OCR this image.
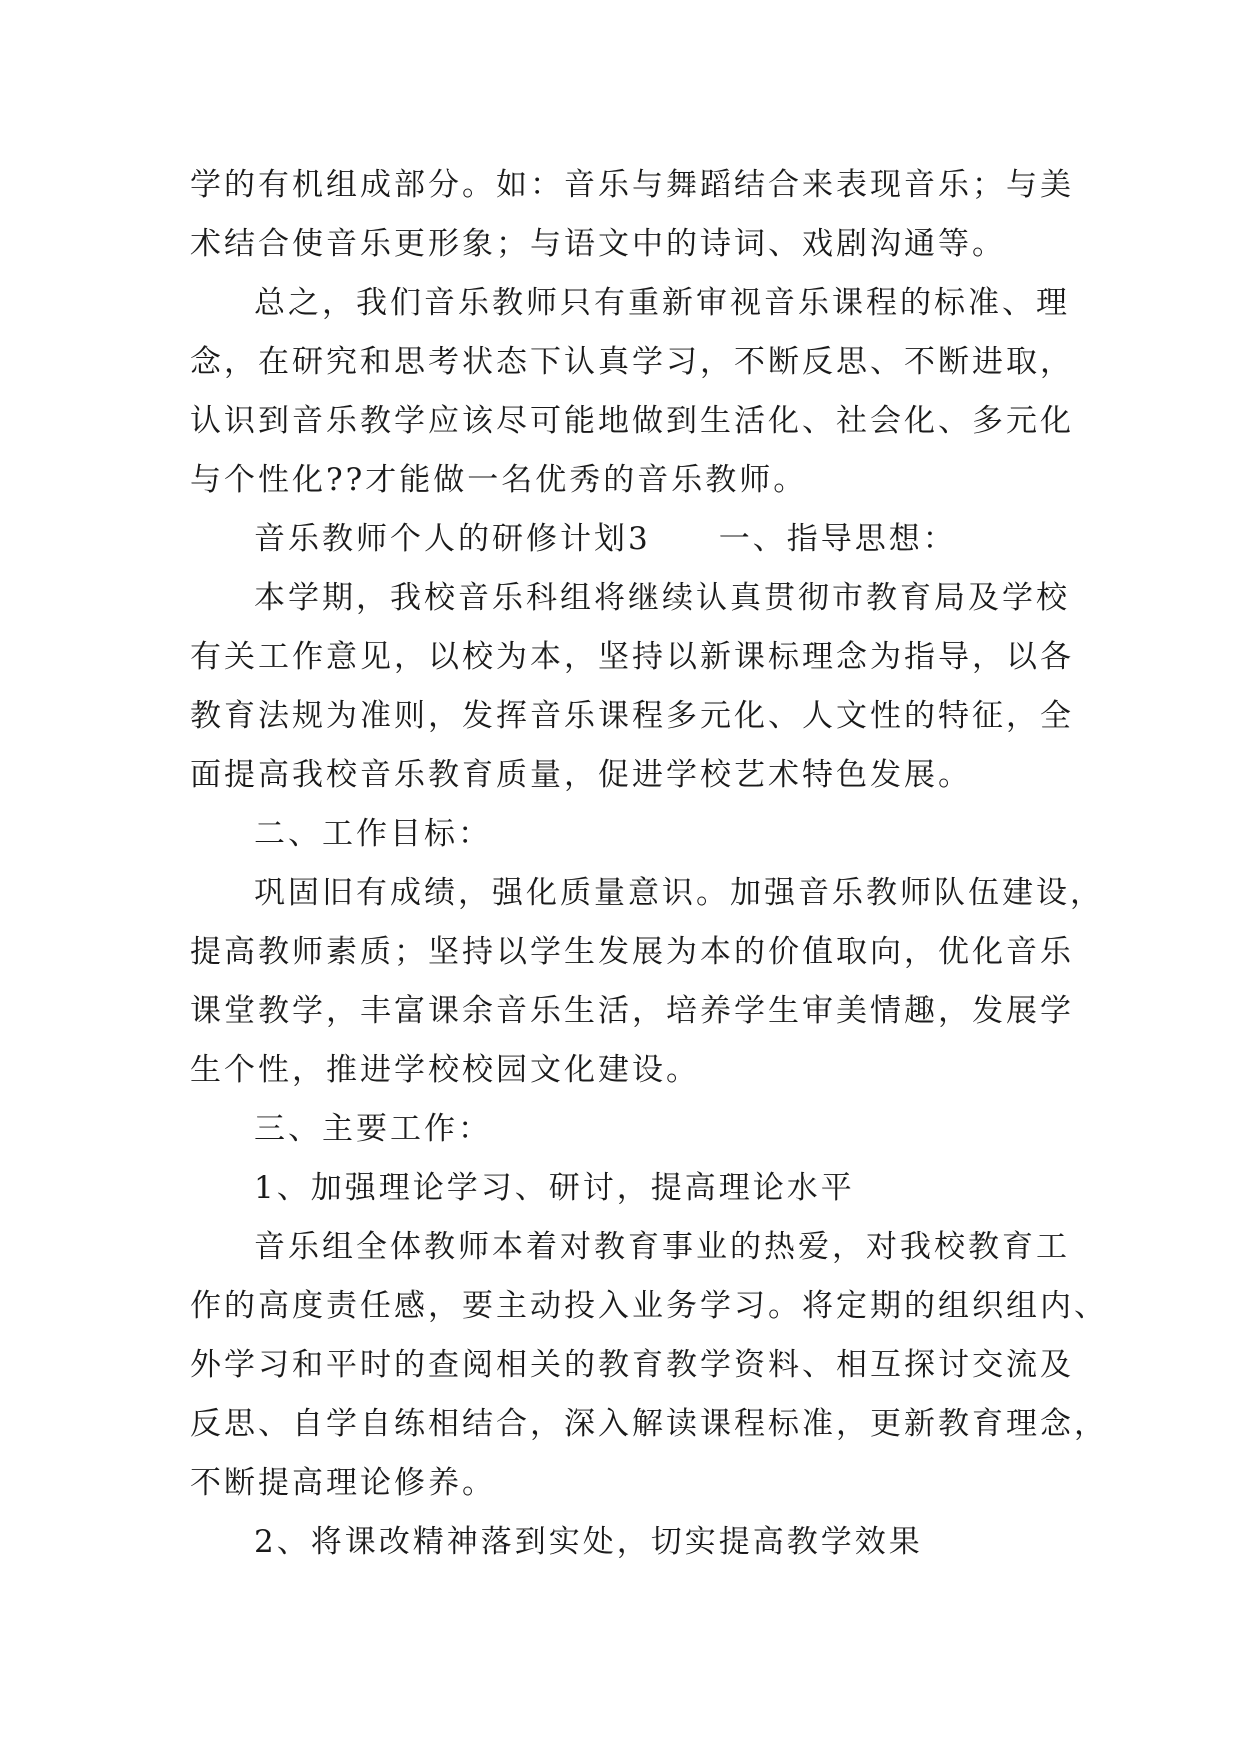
学的有机组成部分。如：音乐与舞蹈结合来表现音乐；与美
术结合使音乐更形象；与语文中的诗词、戏剧沟通等。
总之，我们音乐教师只有重新审视音乐课程的标准、理
念，在研究和思考状态下认真学习，不断反思、不断进取，
认识到音乐教学应该尽可能地做到生活化、社会化、多元化
与个性化??才能做一名优秀的音乐教师。
音乐教师个人的研修计划3　　一、指导思想：
本学期，我校音乐科组将继续认真贯彻市教育局及学校
有关工作意见，以校为本，坚持以新课标理念为指导，以各
教育法规为准则，发挥音乐课程多元化、人文性的特征，全
面提高我校音乐教育质量，促进学校艺术特色发展。
二、工作目标：
巩固旧有成绩，强化质量意识。加强音乐教师队伍建设，
提高教师素质；坚持以学生发展为本的价值取向，优化音乐
课堂教学，丰富课余音乐生活，培养学生审美情趣，发展学
生个性，推进学校校园文化建设。
三、主要工作：
1、加强理论学习、研讨，提高理论水平
音乐组全体教师本着对教育事业的热爱，对我校教育工
作的高度责任感，要主动投入业务学习。将定期的组织组内、
外学习和平时的查阅相关的教育教学资料、相互探讨交流及
反思、自学自练相结合，深入解读课程标准，更新教育理念，
不断提高理论修养。
2、将课改精神落到实处，切实提高教学效果
